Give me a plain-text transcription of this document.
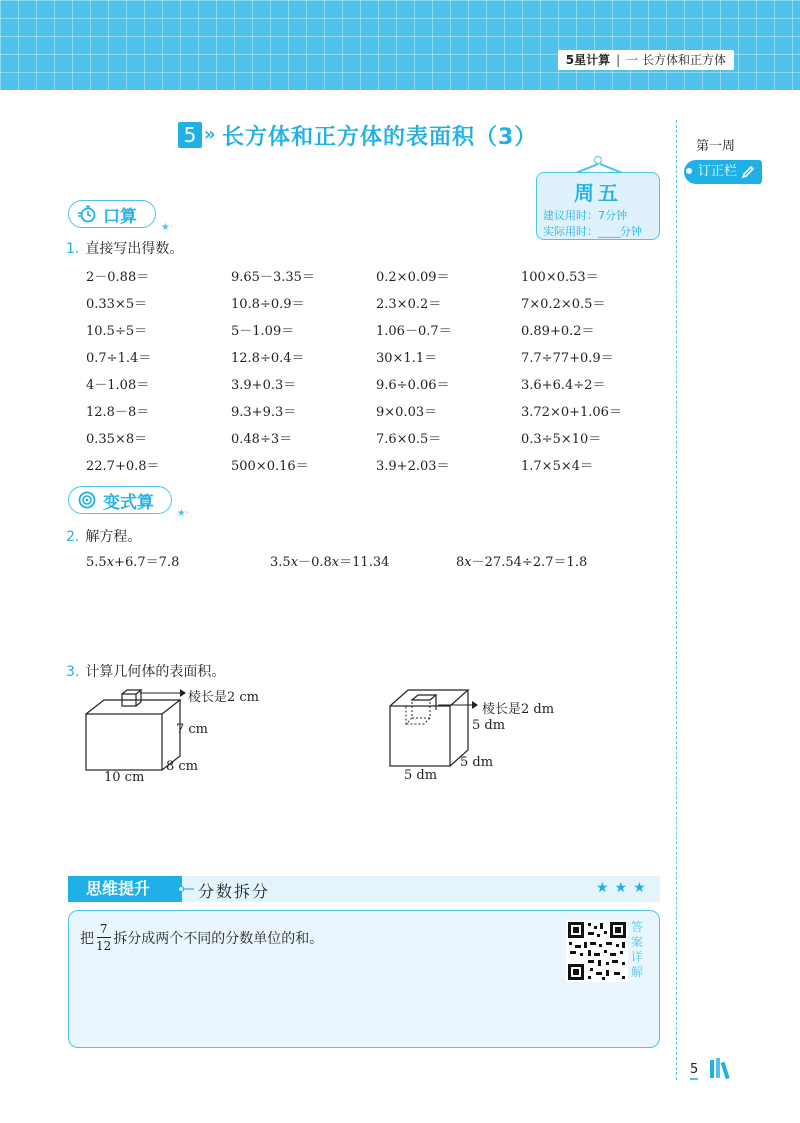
5星计算 | 一 长方体和正方体
第一周
订正栏
5 » 长方体和正方体的表面积（3）
周五
建议用时：7分钟
实际用时：____分钟
口算
★·
1. 直接写出得数。
2－0.88＝	9.65－3.35＝	0.2×0.09＝	100×0.53＝
0.33×5＝	10.8÷0.9＝	2.3×0.2＝	7×0.2×0.5＝
10.5÷5＝	5－1.09＝	1.06－0.7＝	0.89+0.2＝
0.7÷1.4＝	12.8÷0.4＝	30×1.1＝	7.7÷77+0.9＝
4－1.08＝	3.9+0.3＝	9.6÷0.06＝	3.6+6.4÷2＝
12.8－8＝	9.3+9.3＝	9×0.03＝	3.72×0+1.06＝
0.35×8＝	0.48÷3＝	7.6×0.5＝	0.3÷5×10＝
22.7+0.8＝	500×0.16＝	3.9+2.03＝	1.7×5×4＝
变式算
★·
2. 解方程。
5.5x+6.7＝7.8	3.5x－0.8x＝11.34	8x－27.54÷2.7＝1.8
3. 计算几何体的表面积。
棱长是2 cm
7 cm
8 cm
10 cm
棱长是2 dm
5 dm
5 dm
5 dm
思维提升	分数拆分	★★★
把 $\frac{7}{12}$ 拆分成两个不同的分数单位的和。
答案详解
5
